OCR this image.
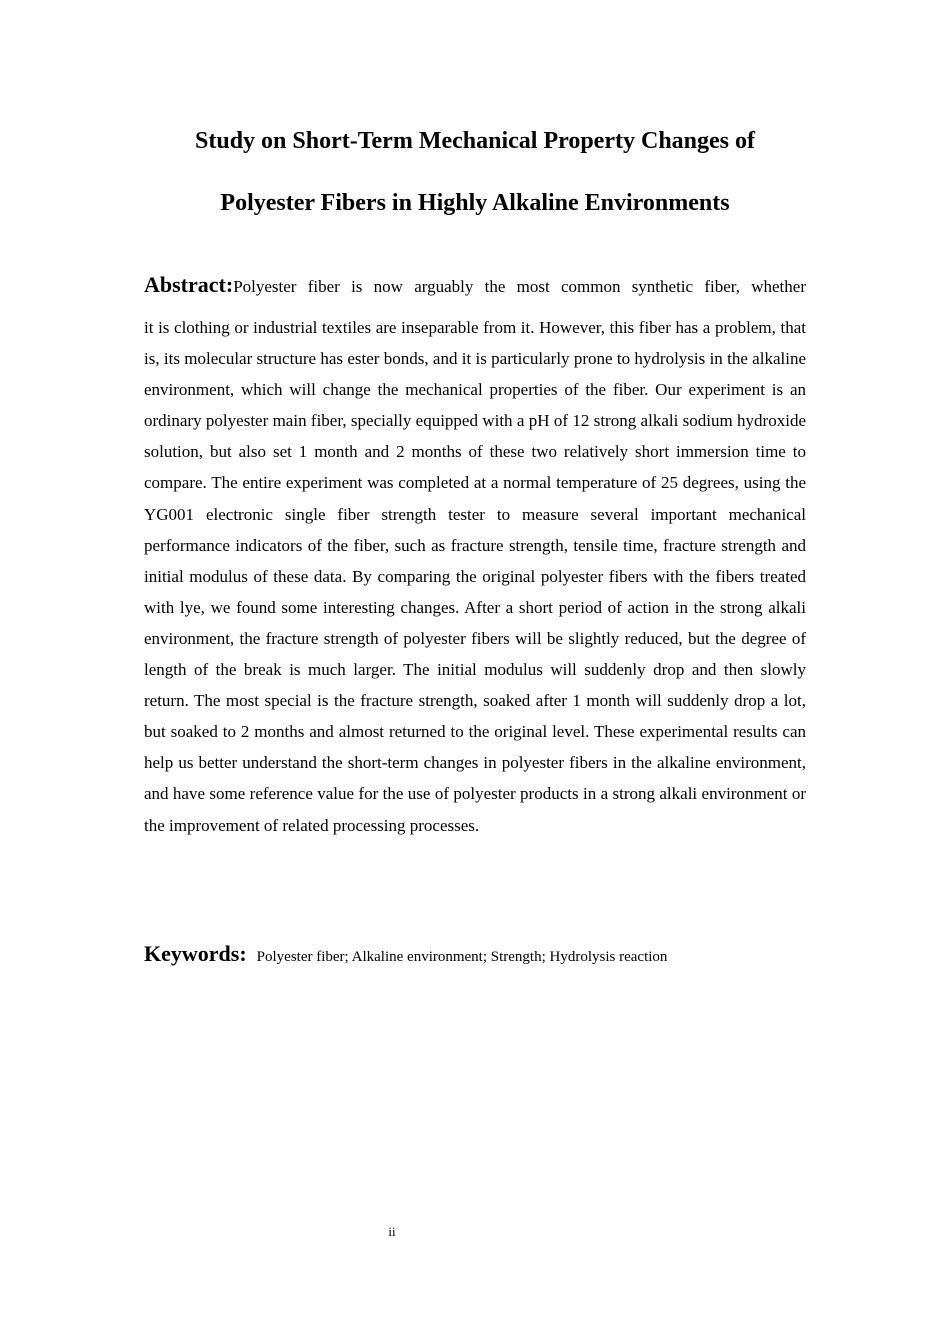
Study on Short-Term Mechanical Property Changes of
Polyester Fibers in Highly Alkaline Environments
Abstract:Polyester fiber is now arguably the most common synthetic fiber, whether

it is clothing or industrial textiles are inseparable from it. However, this fiber has a problem, that is, its molecular structure has ester bonds, and it is particularly prone to hydrolysis in the alkaline environment, which will change the mechanical properties of the fiber. Our experiment is an ordinary polyester main fiber, specially equipped with a pH of 12 strong alkali sodium hydroxide solution, but also set 1 month and 2 months of these two relatively short immersion time to compare. The entire experiment was completed at a normal temperature of 25 degrees, using the YG001 electronic single fiber strength tester to measure several important mechanical performance indicators of the fiber, such as fracture strength, tensile time, fracture strength and initial modulus of these data. By comparing the original polyester fibers with the fibers treated with lye, we found some interesting changes. After a short period of action in the strong alkali environment, the fracture strength of polyester fibers will be slightly reduced, but the degree of length of the break is much larger. The initial modulus will suddenly drop and then slowly return. The most special is the fracture strength, soaked after 1 month will suddenly drop a lot, but soaked to 2 months and almost returned to the original level. These experimental results can help us better understand the short-term changes in polyester fibers in the alkaline environment, and have some reference value for the use of polyester products in a strong alkali environment or the improvement of related processing processes.

Keywords: Polyester fiber; Alkaline environment; Strength; Hydrolysis reaction
ii
